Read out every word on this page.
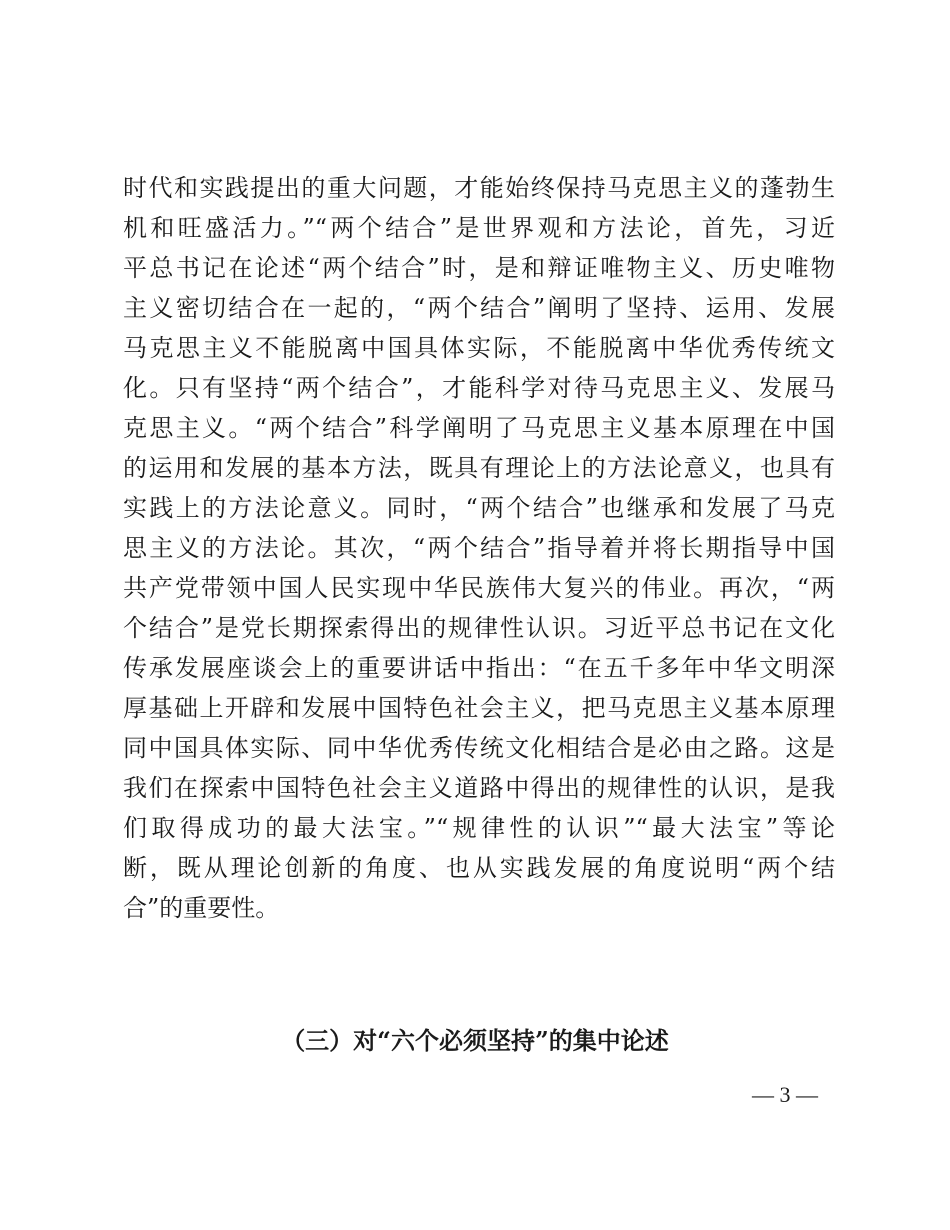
时代和实践提出的重大问题，才能始终保持马克思主义的蓬勃生
机和旺盛活力。”“两个结合”是世界观和方法论，首先，习近
平总书记在论述“两个结合”时，是和辩证唯物主义、历史唯物
主义密切结合在一起的，“两个结合”阐明了坚持、运用、发展
马克思主义不能脱离中国具体实际，不能脱离中华优秀传统文
化。只有坚持“两个结合”，才能科学对待马克思主义、发展马
克思主义。“两个结合”科学阐明了马克思主义基本原理在中国
的运用和发展的基本方法，既具有理论上的方法论意义，也具有
实践上的方法论意义。同时，“两个结合”也继承和发展了马克
思主义的方法论。其次，“两个结合”指导着并将长期指导中国
共产党带领中国人民实现中华民族伟大复兴的伟业。再次，“两
个结合”是党长期探索得出的规律性认识。习近平总书记在文化
传承发展座谈会上的重要讲话中指出：“在五千多年中华文明深
厚基础上开辟和发展中国特色社会主义，把马克思主义基本原理
同中国具体实际、同中华优秀传统文化相结合是必由之路。这是
我们在探索中国特色社会主义道路中得出的规律性的认识，是我
们取得成功的最大法宝。”“规律性的认识”“最大法宝”等论
断，既从理论创新的角度、也从实践发展的角度说明“两个结
合”的重要性。
（三）对“六个必须坚持”的集中论述
— 3 —
